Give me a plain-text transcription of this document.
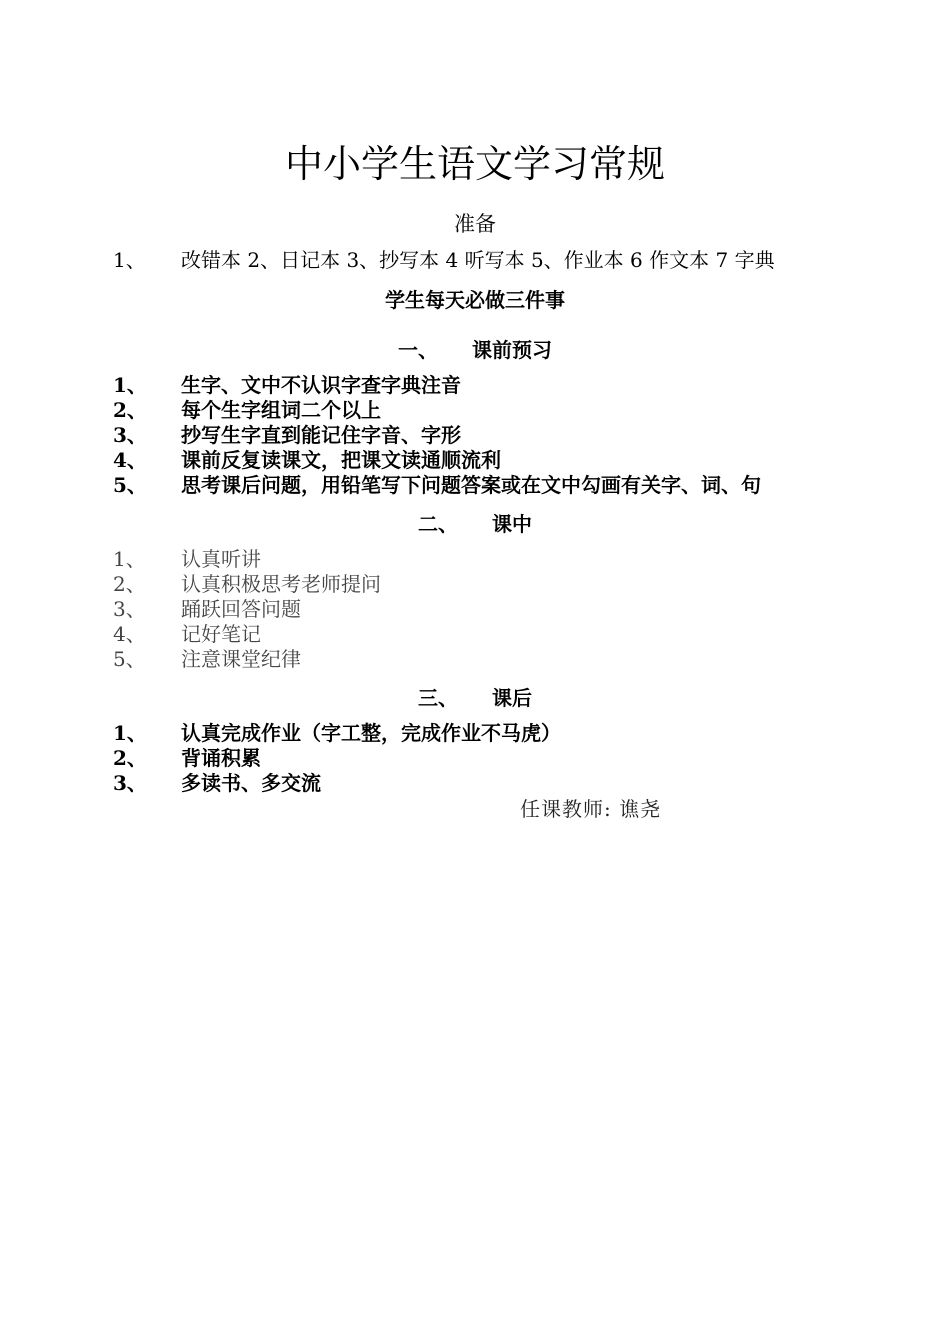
中小学生语文学习常规
准备
1、 改错本 2、日记本 3、抄写本 4 听写本 5、作业本 6 作文本 7 字典
学生每天必做三件事
一、 课前预习
1、 生字、文中不认识字查字典注音
2、 每个生字组词二个以上
3、 抄写生字直到能记住字音、字形
4、 课前反复读课文，把课文读通顺流利
5、 思考课后问题，用铅笔写下问题答案或在文中勾画有关字、词、句
二、 课中
1、 认真听讲
2、 认真积极思考老师提问
3、 踊跃回答问题
4、 记好笔记
5、 注意课堂纪律
三、 课后
1、 认真完成作业（字工整，完成作业不马虎）
2、 背诵积累
3、 多读书、多交流
任课教师: 谯尧
